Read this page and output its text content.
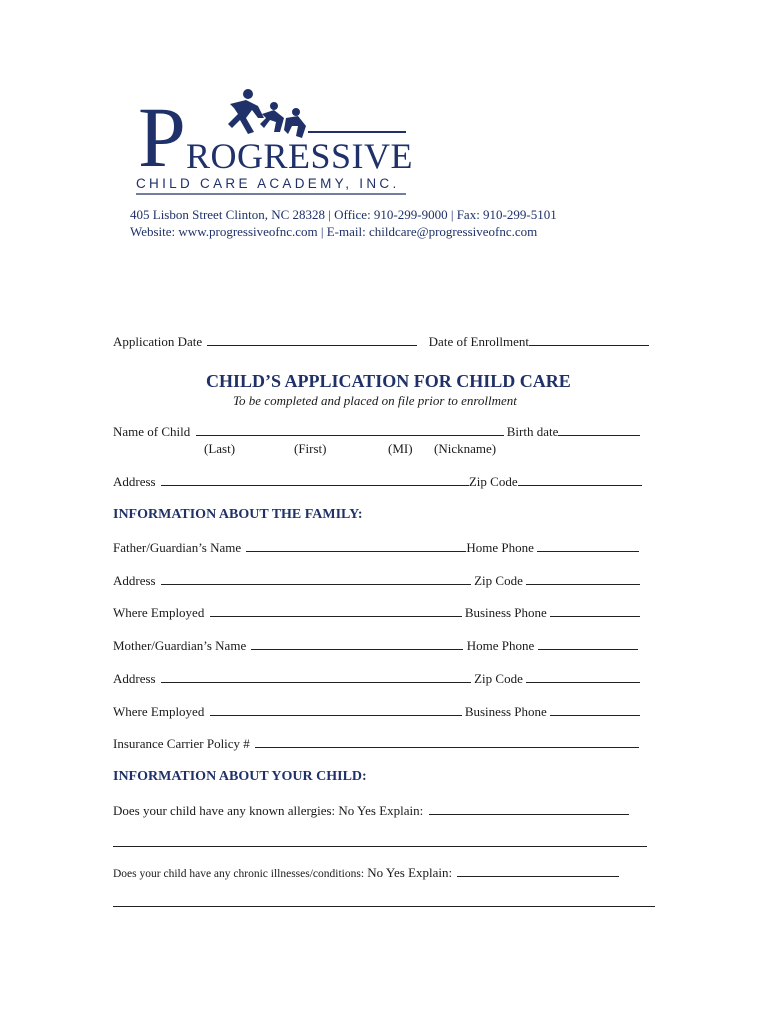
P ROGRESSIVE
CHILD CARE ACADEMY, INC.
405 Lisbon Street Clinton, NC 28328 | Office: 910-299-9000 | Fax: 910-299-5101
Website: www.progressiveofnc.com | E-mail: childcare@progressiveofnc.com
Application Date	Date of Enrollment
CHILD’S APPLICATION FOR CHILD CARE
To be completed and placed on file prior to enrollment
Name of Child	Birth date
(Last)	(First)	(MI) (Nickname)
Address	Zip Code
INFORMATION ABOUT THE FAMILY:
Father/Guardian’s Name	Home Phone
Address	Zip Code
Where Employed	Business Phone
Mother/Guardian’s Name	Home Phone
Address	Zip Code
Where Employed	Business Phone
Insurance Carrier Policy #
INFORMATION ABOUT YOUR CHILD:
Does your child have any known allergies: No Yes Explain:
Does your child have any chronic illnesses/conditions: No Yes Explain:
